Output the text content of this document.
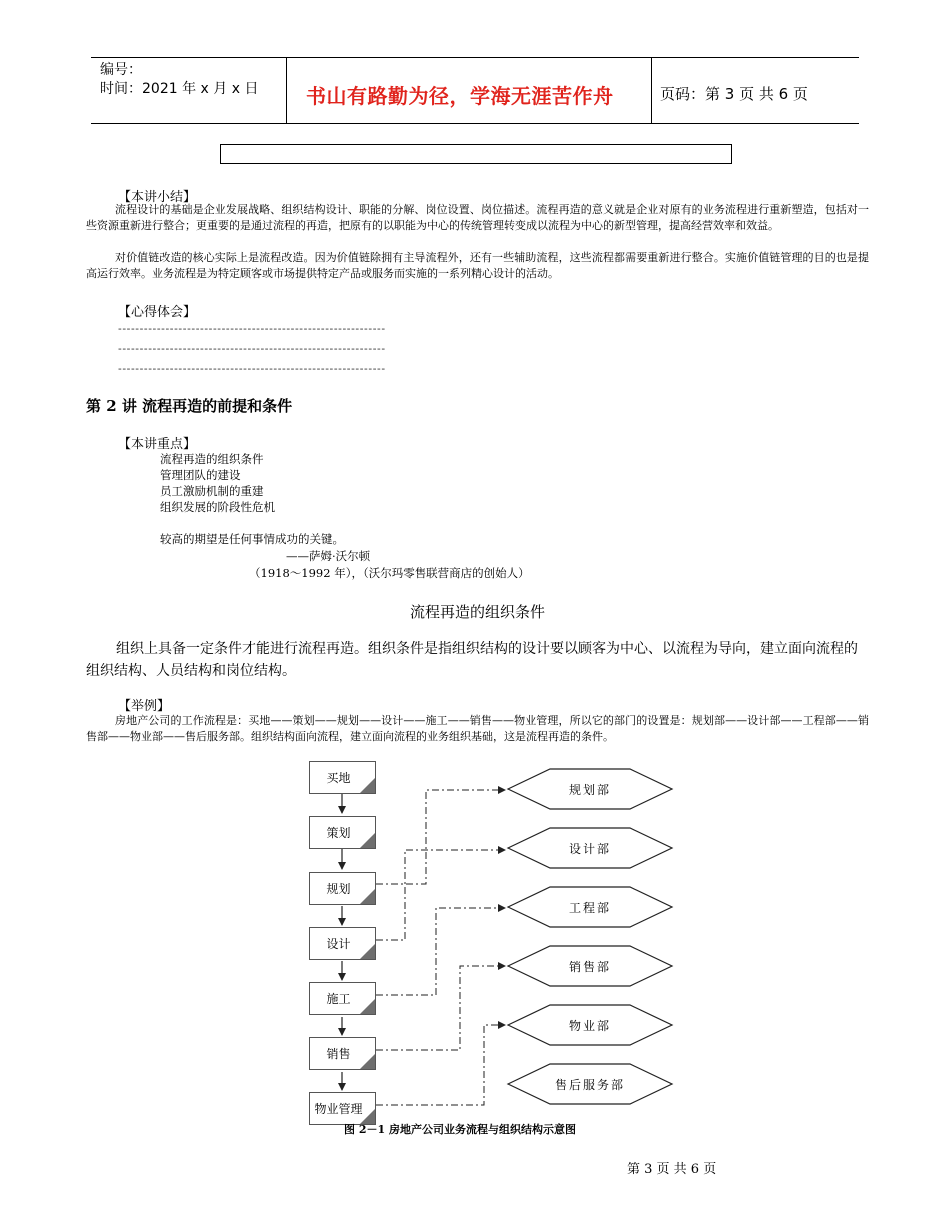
编号：
时间：2021 年 x 月 x 日 书山有路勤为径，学海无涯苦作舟	页码：第 3 页 共 6 页
【本讲小结】
流程设计的基础是企业发展战略、组织结构设计、职能的分解、岗位设置、岗位描述。流程再造的意义就是企业对原有的业务流程进行重新塑造，包括对一些资源重新进行整合；更重要的是通过流程的再造，把原有的以职能为中心的传统管理转变成以流程为中心的新型管理，提高经营效率和效益。
对价值链改造的核心实际上是流程改造。因为价值链除拥有主导流程外，还有一些辅助流程，这些流程都需要重新进行整合。实施价值链管理的目的也是提高运行效率。业务流程是为特定顾客或市场提供特定产品或服务而实施的一系列精心设计的活动。
【心得体会】
--------------------------------------------------------------
--------------------------------------------------------------
--------------------------------------------------------------
第 2 讲 流程再造的前提和条件
【本讲重点】
流程再造的组织条件
管理团队的建设
员工激励机制的重建
组织发展的阶段性危机
较高的期望是任何事情成功的关键。
——萨姆·沃尔顿
（1918～1992 年），（沃尔玛零售联营商店的创始人）
流程再造的组织条件
组织上具备一定条件才能进行流程再造。组织条件是指组织结构的设计要以顾客为中心、以流程为导向，建立面向流程的组织结构、人员结构和岗位结构。
【举例】
房地产公司的工作流程是：买地——策划——规划——设计——施工——销售——物业管理，所以它的部门的设置是：规划部——设计部——工程部——销售部——物业部——售后服务部。组织结构面向流程，建立面向流程的业务组织基础，这是流程再造的条件。
买地
策划
规划
设计
施工
销售
物业管理
规划部
设计部
工程部
销售部
物业部
售后服务部
图 2－1 房地产公司业务流程与组织结构示意图
第 3 页 共 6 页
